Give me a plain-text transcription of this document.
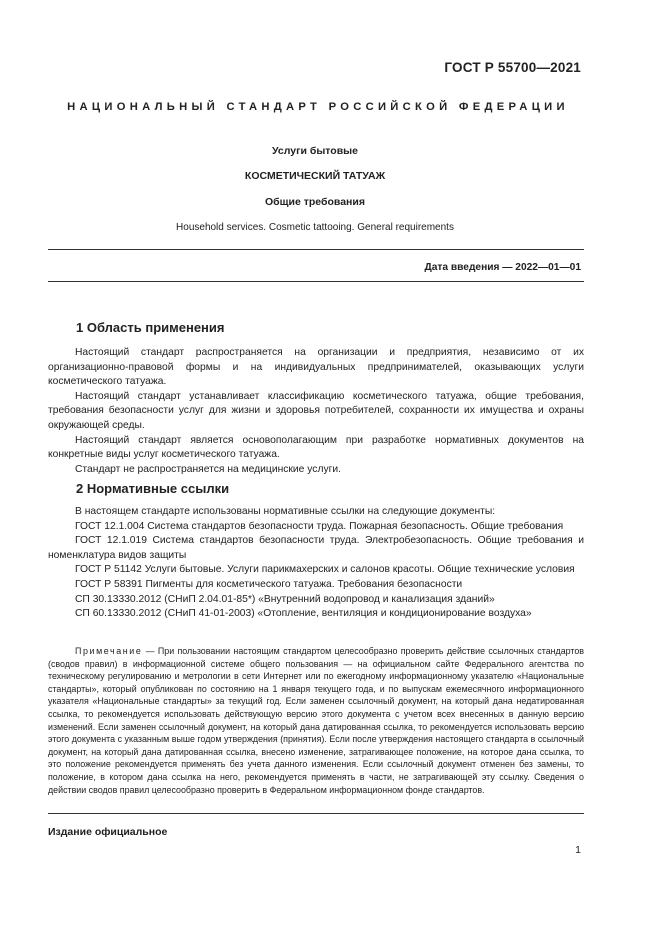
ГОСТ Р 55700—2021
НАЦИОНАЛЬНЫЙ СТАНДАРТ РОССИЙСКОЙ ФЕДЕРАЦИИ
Услуги бытовые
КОСМЕТИЧЕСКИЙ ТАТУАЖ
Общие требования
Household services. Cosmetic tattooing. General requirements
Дата введения — 2022—01—01
1 Область применения

Настоящий стандарт распространяется на организации и предприятия, независимо от их организационно-правовой формы и на индивидуальных предпринимателей, оказывающих услуги косметического татуажа.

Настоящий стандарт устанавливает классификацию косметического татуажа, общие требования, требования безопасности услуг для жизни и здоровья потребителей, сохранности их имущества и охраны окружающей среды.

Настоящий стандарт является основополагающим при разработке нормативных документов на конкретные виды услуг косметического татуажа.

Стандарт не распространяется на медицинские услуги.

2 Нормативные ссылки

В настоящем стандарте использованы нормативные ссылки на следующие документы:

ГОСТ 12.1.004 Система стандартов безопасности труда. Пожарная безопасность. Общие требования

ГОСТ 12.1.019 Система стандартов безопасности труда. Электробезопасность. Общие требования и номенклатура видов защиты

ГОСТ Р 51142 Услуги бытовые. Услуги парикмахерских и салонов красоты. Общие технические условия

ГОСТ Р 58391 Пигменты для косметического татуажа. Требования безопасности

СП 30.13330.2012 (СНиП 2.04.01-85*) «Внутренний водопровод и канализация зданий»

СП 60.13330.2012 (СНиП 41-01-2003) «Отопление, вентиляция и кондиционирование воздуха»

Примечание — При пользовании настоящим стандартом целесообразно проверить действие ссылочных стандартов (сводов правил) в информационной системе общего пользования — на официальном сайте Федерального агентства по техническому регулированию и метрологии в сети Интернет или по ежегодному информационному указателю «Национальные стандарты», который опубликован по состоянию на 1 января текущего года, и по выпускам ежемесячного информационного указателя «Национальные стандарты» за текущий год. Если заменен ссылочный документ, на который дана недатированная ссылка, то рекомендуется использовать действующую версию этого документа с учетом всех внесенных в данную версию изменений. Если заменен ссылочный документ, на который дана датированная ссылка, то рекомендуется использовать версию этого документа с указанным выше годом утверждения (принятия). Если после утверждения настоящего стандарта в ссылочный документ, на который дана датированная ссылка, внесено изменение, затрагивающее положение, на которое дана ссылка, то это положение рекомендуется применять без учета данного изменения. Если ссылочный документ отменен без замены, то положение, в котором дана ссылка на него, рекомендуется применять в части, не затрагивающей эту ссылку. Сведения о действии сводов правил целесообразно проверить в Федеральном информационном фонде стандартов.

Издание официальное
1
